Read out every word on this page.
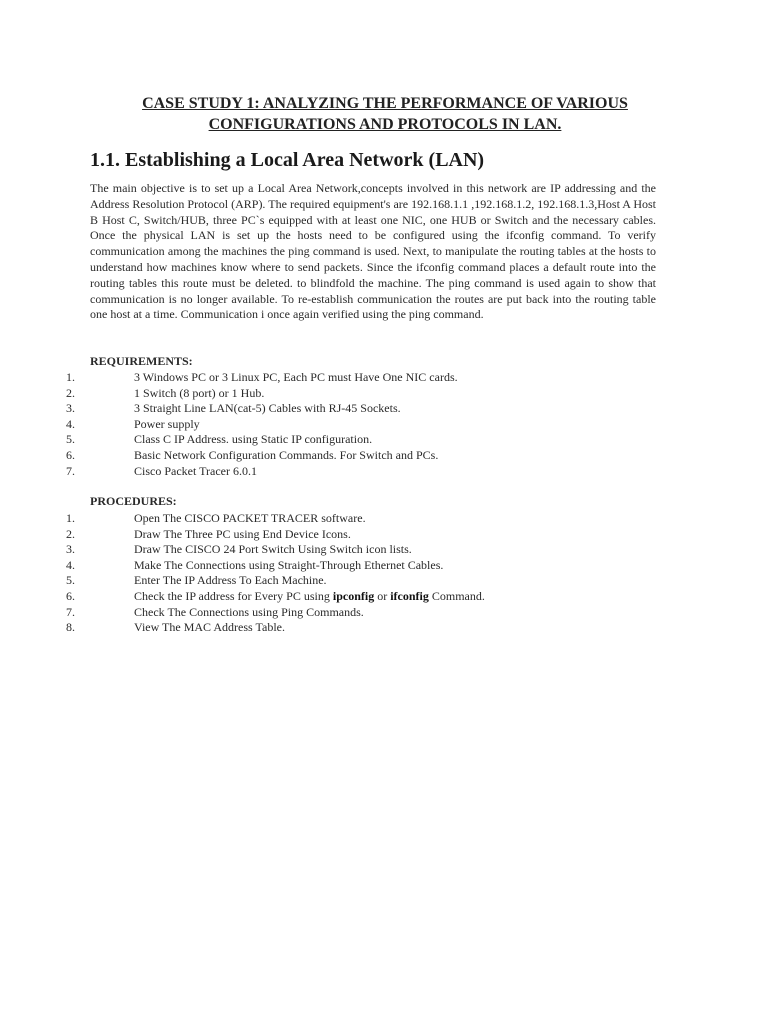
CASE STUDY 1: ANALYZING THE PERFORMANCE OF VARIOUS
CONFIGURATIONS AND PROTOCOLS IN LAN.
1.1. Establishing a Local Area Network (LAN)
The main objective is to set up a Local Area Network,concepts involved in this network are IP addressing and the Address Resolution Protocol (ARP). The required equipment's are 192.168.1.1 ,192.168.1.2, 192.168.1.3,Host A Host B Host C, Switch/HUB, three PC`s equipped with at least one NIC, one HUB or Switch and the necessary cables. Once the physical LAN is set up the hosts need to be configured using the ifconfig command. To verify communication among the machines the ping command is used. Next, to manipulate the routing tables at the hosts to understand how machines know where to send packets. Since the ifconfig command places a default route into the routing tables this route must be deleted. to blindfold the machine. The ping command is used again to show that communication is no longer available. To re-establish communication the routes are put back into the routing table one host at a time. Communication i once again verified using the ping command.
REQUIREMENTS:
1.	3 Windows PC or 3 Linux PC, Each PC must Have One NIC cards.
2.	1 Switch (8 port) or 1 Hub.
3.	3 Straight Line LAN(cat-5) Cables with RJ-45 Sockets.
4.	Power supply
5.	Class C IP Address. using Static IP configuration.
6.	Basic Network Configuration Commands. For Switch and PCs.
7.	Cisco Packet Tracer 6.0.1
PROCEDURES:
1.	Open The CISCO PACKET TRACER software.
2.	Draw The Three PC using End Device Icons.
3.	Draw The CISCO 24 Port Switch Using Switch icon lists.
4.	Make The Connections using Straight-Through Ethernet Cables.
5.	Enter The IP Address To Each Machine.
6.	Check the IP address for Every PC using ipconfig or ifconfig Command.
7.	Check The Connections using Ping Commands.
8.	View The MAC Address Table.
